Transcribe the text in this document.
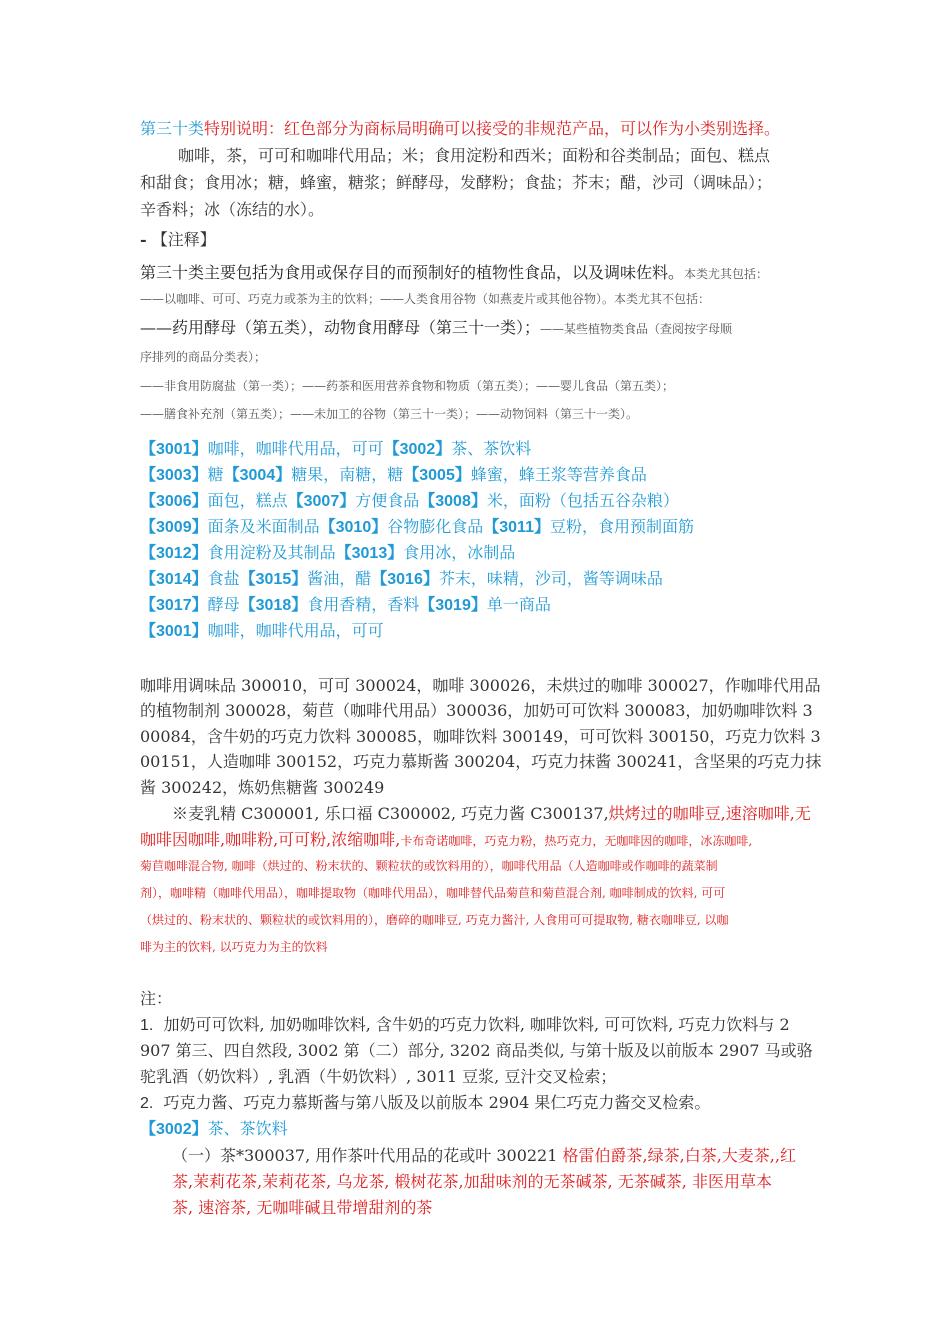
第三十类特别说明：红色部分为商标局明确可以接受的非规范产品，可以作为小类别选择。
咖啡，茶，可可和咖啡代用品；米；食用淀粉和西米；面粉和谷类制品；面包、糕点
和甜食；食用冰；糖，蜂蜜，糖浆；鲜酵母，发酵粉；食盐；芥末；醋，沙司（调味品）；
辛香料；冰（冻结的水）。
- 【注释】
第三十类主要包括为食用或保存目的而预制好的植物性食品，以及调味佐料。本类尤其包括：
——以咖啡、可可、巧克力或茶为主的饮料；——人类食用谷物（如燕麦片或其他谷物）。本类尤其不包括：
——药用酵母（第五类），动物食用酵母（第三十一类）；——某些植物类食品（查阅按字母顺
序排列的商品分类表）；
——非食用防腐盐（第一类）；——药茶和医用营养食物和物质（第五类）；——婴儿食品（第五类）；
——膳食补充剂（第五类）；——未加工的谷物（第三十一类）；——动物饲料（第三十一类）。
【3001】咖啡，咖啡代用品，可可【3002】茶、茶饮料
【3003】糖【3004】糖果，南糖，糖【3005】蜂蜜，蜂王浆等营养食品
【3006】面包，糕点【3007】方便食品【3008】米，面粉（包括五谷杂粮）
【3009】面条及米面制品【3010】谷物膨化食品【3011】豆粉，食用预制面筋
【3012】食用淀粉及其制品【3013】食用冰，冰制品
【3014】食盐【3015】酱油，醋【3016】芥末，味精，沙司，酱等调味品
【3017】酵母【3018】食用香精，香料【3019】单一商品
【3001】咖啡，咖啡代用品，可可
咖啡用调味品 300010，可可 300024，咖啡 300026，未烘过的咖啡 300027，作咖啡代用品
的植物制剂 300028，菊苣（咖啡代用品）300036，加奶可可饮料 300083，加奶咖啡饮料 3
00084，含牛奶的巧克力饮料 300085，咖啡饮料 300149，可可饮料 300150，巧克力饮料 3
00151，人造咖啡 300152，巧克力慕斯酱 300204，巧克力抹酱 300241，含坚果的巧克力抹
酱 300242，炼奶焦糖酱 300249
※麦乳精 C300001, 乐口福 C300002, 巧克力酱 C300137,烘烤过的咖啡豆,速溶咖啡,无
咖啡因咖啡,咖啡粉,可可粉,浓缩咖啡,卡布奇诺咖啡，巧克力粉，热巧克力，无咖啡因的咖啡，冰冻咖啡,
菊苣咖啡混合物, 咖啡（烘过的、粉末状的、颗粒状的或饮料用的），咖啡代用品（人造咖啡或作咖啡的蔬菜制
剂），咖啡精（咖啡代用品），咖啡提取物（咖啡代用品），咖啡替代品菊苣和菊苣混合剂, 咖啡制成的饮料, 可可
（烘过的、粉末状的、颗粒状的或饮料用的），磨碎的咖啡豆, 巧克力酱汁, 人食用可可提取物, 糖衣咖啡豆, 以咖
啡为主的饮料, 以巧克力为主的饮料
注：
1. 加奶可可饮料, 加奶咖啡饮料, 含牛奶的巧克力饮料, 咖啡饮料, 可可饮料, 巧克力饮料与 2
907 第三、四自然段, 3002 第（二）部分, 3202 商品类似, 与第十版及以前版本 2907 马或骆
驼乳酒（奶饮料）, 乳酒（牛奶饮料）, 3011 豆浆, 豆汁交叉检索；
2. 巧克力酱、巧克力慕斯酱与第八版及以前版本 2904 果仁巧克力酱交叉检索。
【3002】茶、茶饮料
（一）茶*300037, 用作茶叶代用品的花或叶 300221 格雷伯爵茶,绿茶,白茶,大麦茶,,红
茶,茉莉花茶,茉莉花茶, 乌龙茶, 椴树花茶,加甜味剂的无茶碱茶, 无茶碱茶, 非医用草本
茶, 速溶茶, 无咖啡碱且带增甜剂的茶
